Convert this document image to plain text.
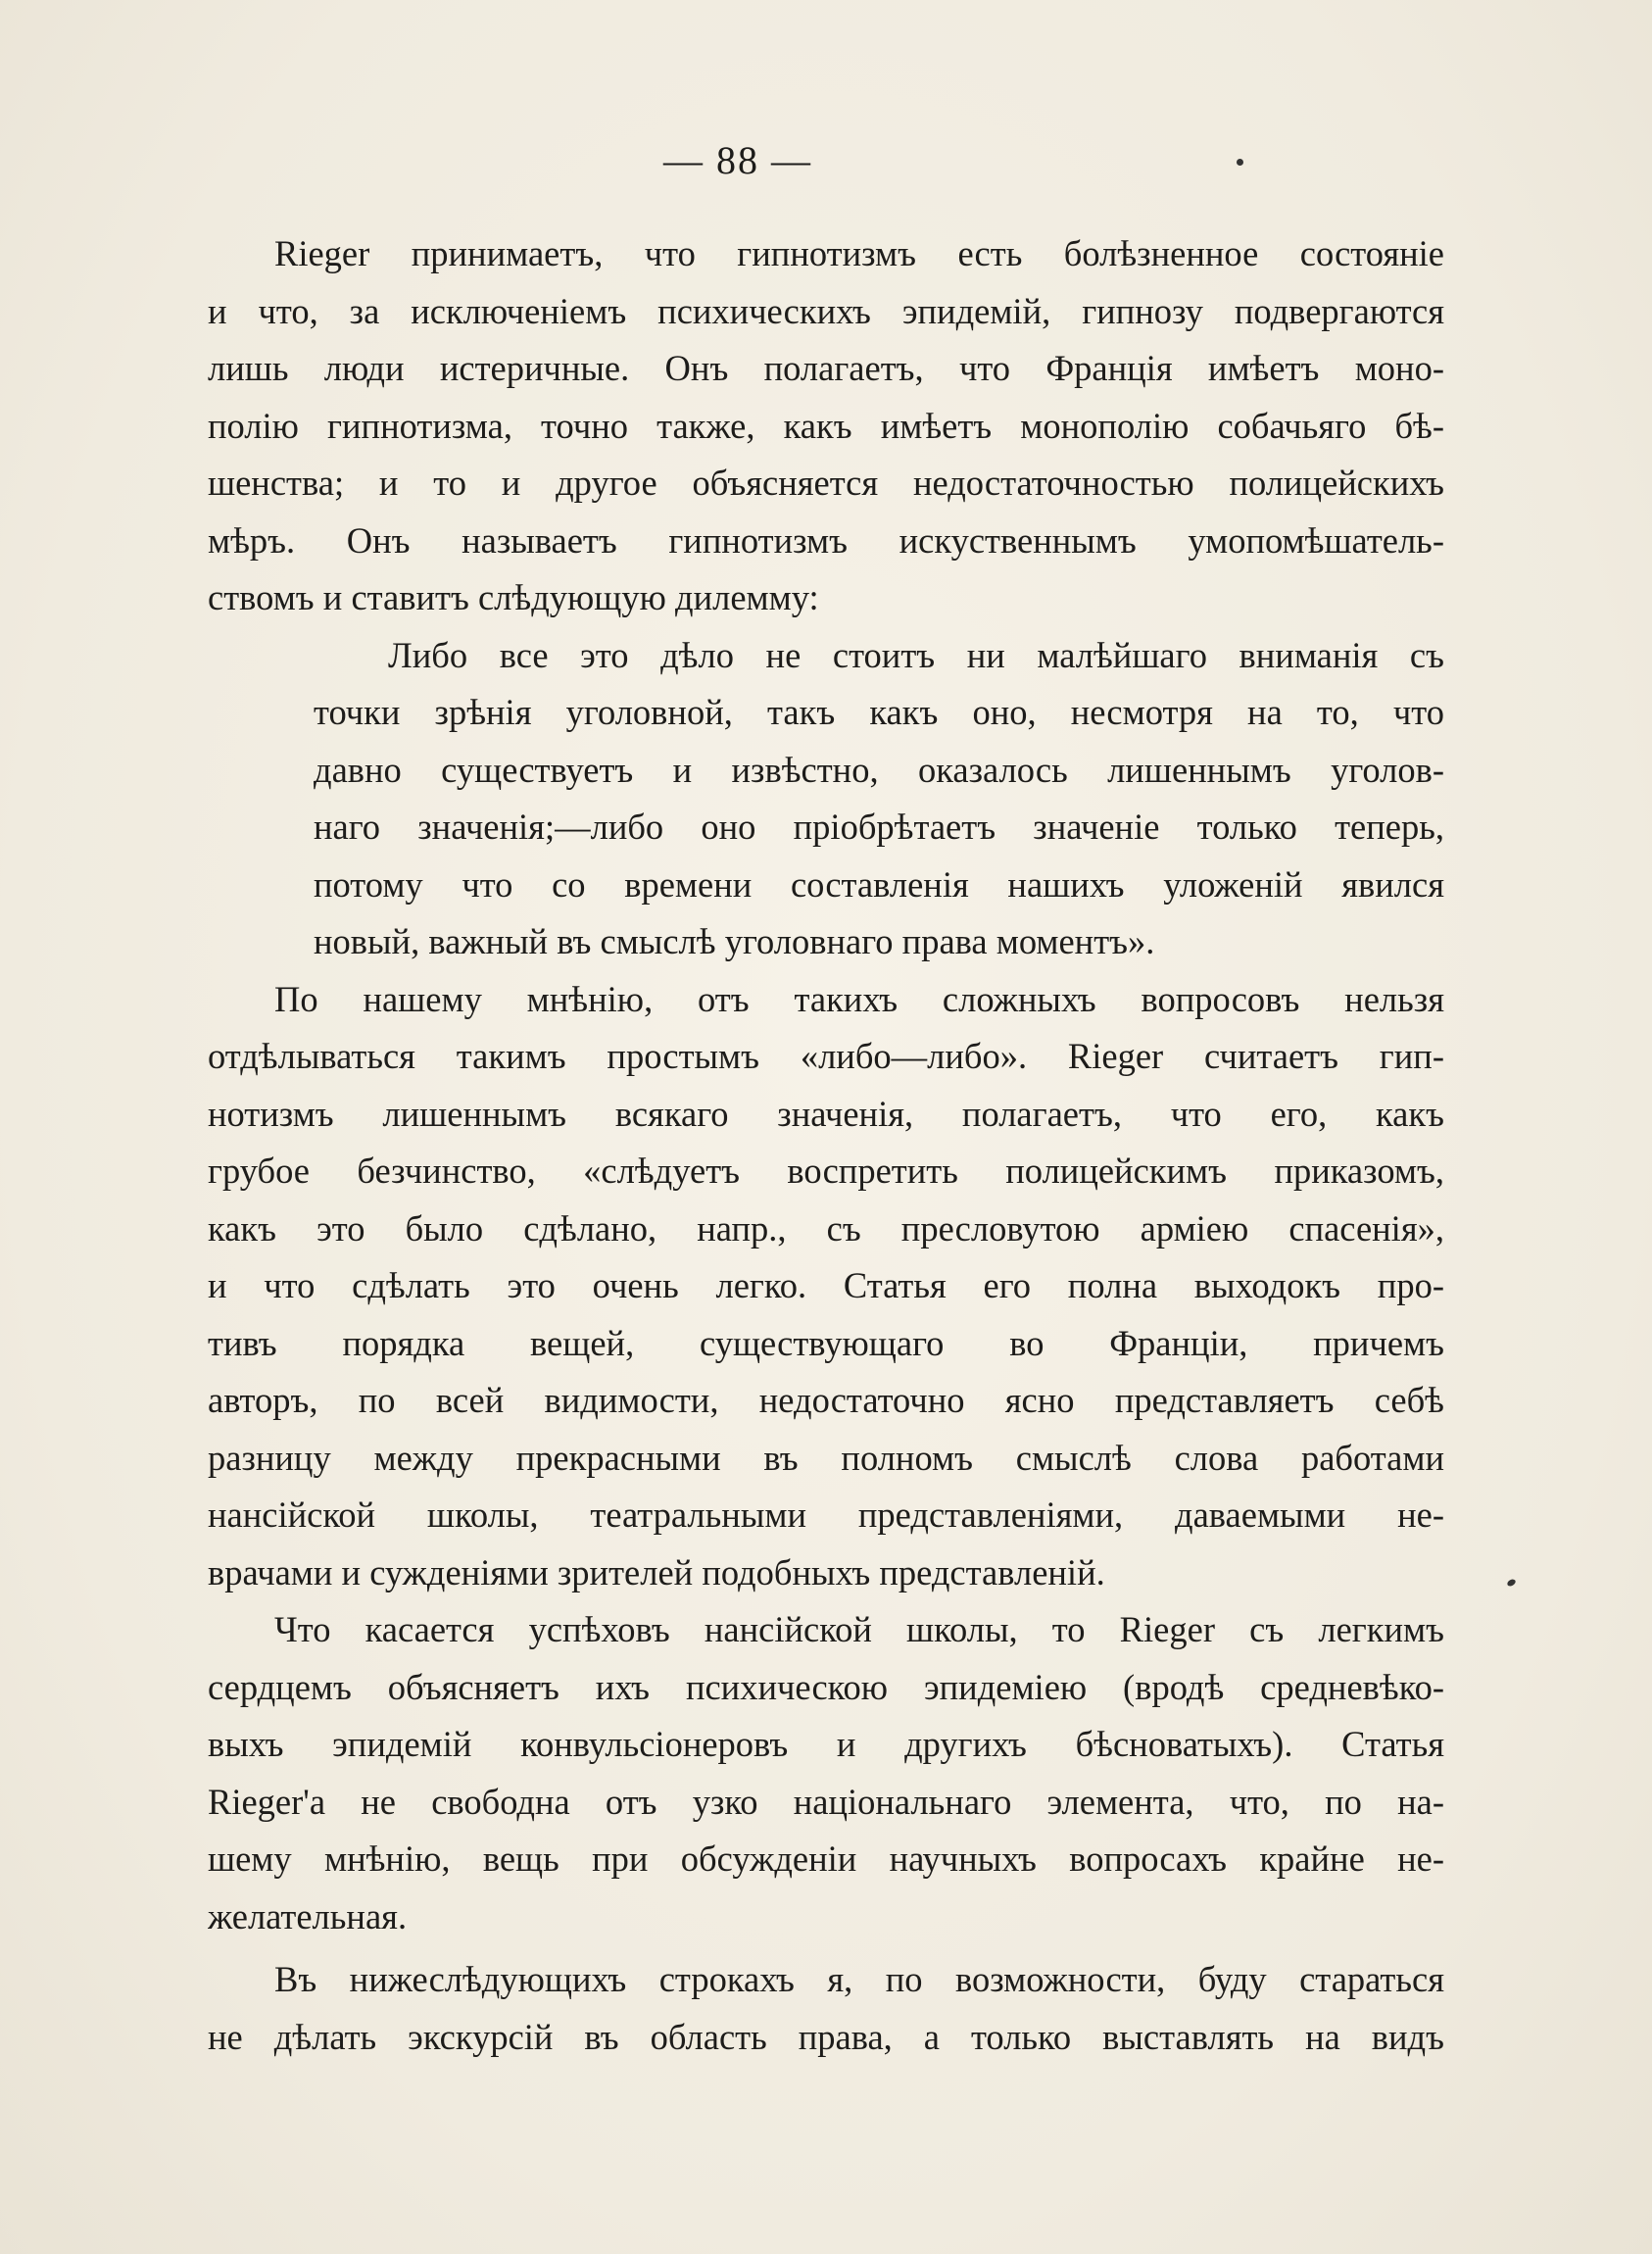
— 88 —
Rieger принимаетъ, что гипнотизмъ есть болѣзненное состояніе
и что, за исключеніемъ психическихъ эпидемій, гипнозу подвергаются
лишь люди истеричные. Онъ полагаетъ, что Франція имѣетъ моно-
полію гипнотизма, точно также, какъ имѣетъ монополію собачьяго бѣ-
шенства; и то и другое объясняется недостаточностью полицейскихъ
мѣръ. Онъ называетъ гипнотизмъ искуственнымъ умопомѣшатель-
ствомъ и ставитъ слѣдующую дилемму:
Либо все это дѣло не стоитъ ни малѣйшаго вниманія съ
точки зрѣнія уголовной, такъ какъ оно, несмотря на то, что
давно существуетъ и извѣстно, оказалось лишеннымъ уголов-
наго значенія;—либо оно пріобрѣтаетъ значеніе только теперь,
потому что со времени составленія нашихъ уложеній явился
новый, важный въ смыслѣ уголовнаго права моментъ».
По нашему мнѣнію, отъ такихъ сложныхъ вопросовъ нельзя
отдѣлываться такимъ простымъ «либо—либо». Rieger считаетъ гип-
нотизмъ лишеннымъ всякаго значенія, полагаетъ, что его, какъ
грубое безчинство, «слѣдуетъ воспретить полицейскимъ приказомъ,
какъ это было сдѣлано, напр., съ пресловутою арміею спасенія»,
и что сдѣлать это очень легко. Статья его полна выходокъ про-
тивъ порядка вещей, существующаго во Франціи, причемъ
авторъ, по всей видимости, недостаточно ясно представляетъ себѣ
разницу между прекрасными въ полномъ смыслѣ слова работами
нансійской школы, театральными представленіями, даваемыми не-
врачами и сужденіями зрителей подобныхъ представленій.
Что касается успѣховъ нансійской школы, то Rieger съ легкимъ
сердцемъ объясняетъ ихъ психическою эпидеміею (вродѣ средневѣко-
выхъ эпидемій конвульсіонеровъ и другихъ бѣсноватыхъ). Статья
Rieger'а не свободна отъ узко національнаго элемента, что, по на-
шему мнѣнію, вещь при обсужденіи научныхъ вопросахъ крайне не-
желательная.
Въ нижеслѣдующихъ строкахъ я, по возможности, буду стараться
не дѣлать экскурсій въ область права, а только выставлять на видъ
